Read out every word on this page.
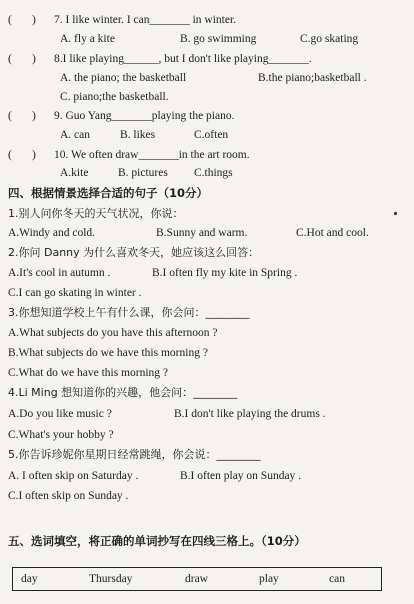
( ) 7. I like winter. I can_______ in winter.
A. fly a kite	B. go swimming	C.go skating
( ) 8.I like playing______, but I don't like playing_______.
A. the piano; the basketball	B.the piano;basketball .
C. piano;the basketball.
( ) 9. Guo Yang_______playing the piano.
A. can	B. likes	C.often
( ) 10. We often draw_______in the art room.
A.kite	B. pictures C.things
四、根据情景选择合适的句子（10分）
1.别人问你冬天的天气状况，你说：
A.Windy and cold.	B.Sunny and warm.	C.Hot and cool.
2.你问 Danny 为什么喜欢冬天，她应该这么回答：
A.It's cool in autumn .	B.I often fly my kite in Spring .
C.I can go skating in winter .
3.你想知道学校上午有什么课，你会问：________
A.What subjects do you have this afternoon ?
B.What subjects do we have this morning ?
C.What do we have this morning ?
4.Li Ming 想知道你的兴趣，他会问：________
A.Do you like music ?	B.I don't like playing the drums .
C.What's your hobby ?
5.你告诉珍妮你星期日经常跳绳，你会说：________
A. I often skip on Saturday .	B.I often play on Sunday .
C.I often skip on Sunday .
五、选词填空，将正确的单词抄写在四线三格上。（10分）
day	Thursday	draw	play	can
